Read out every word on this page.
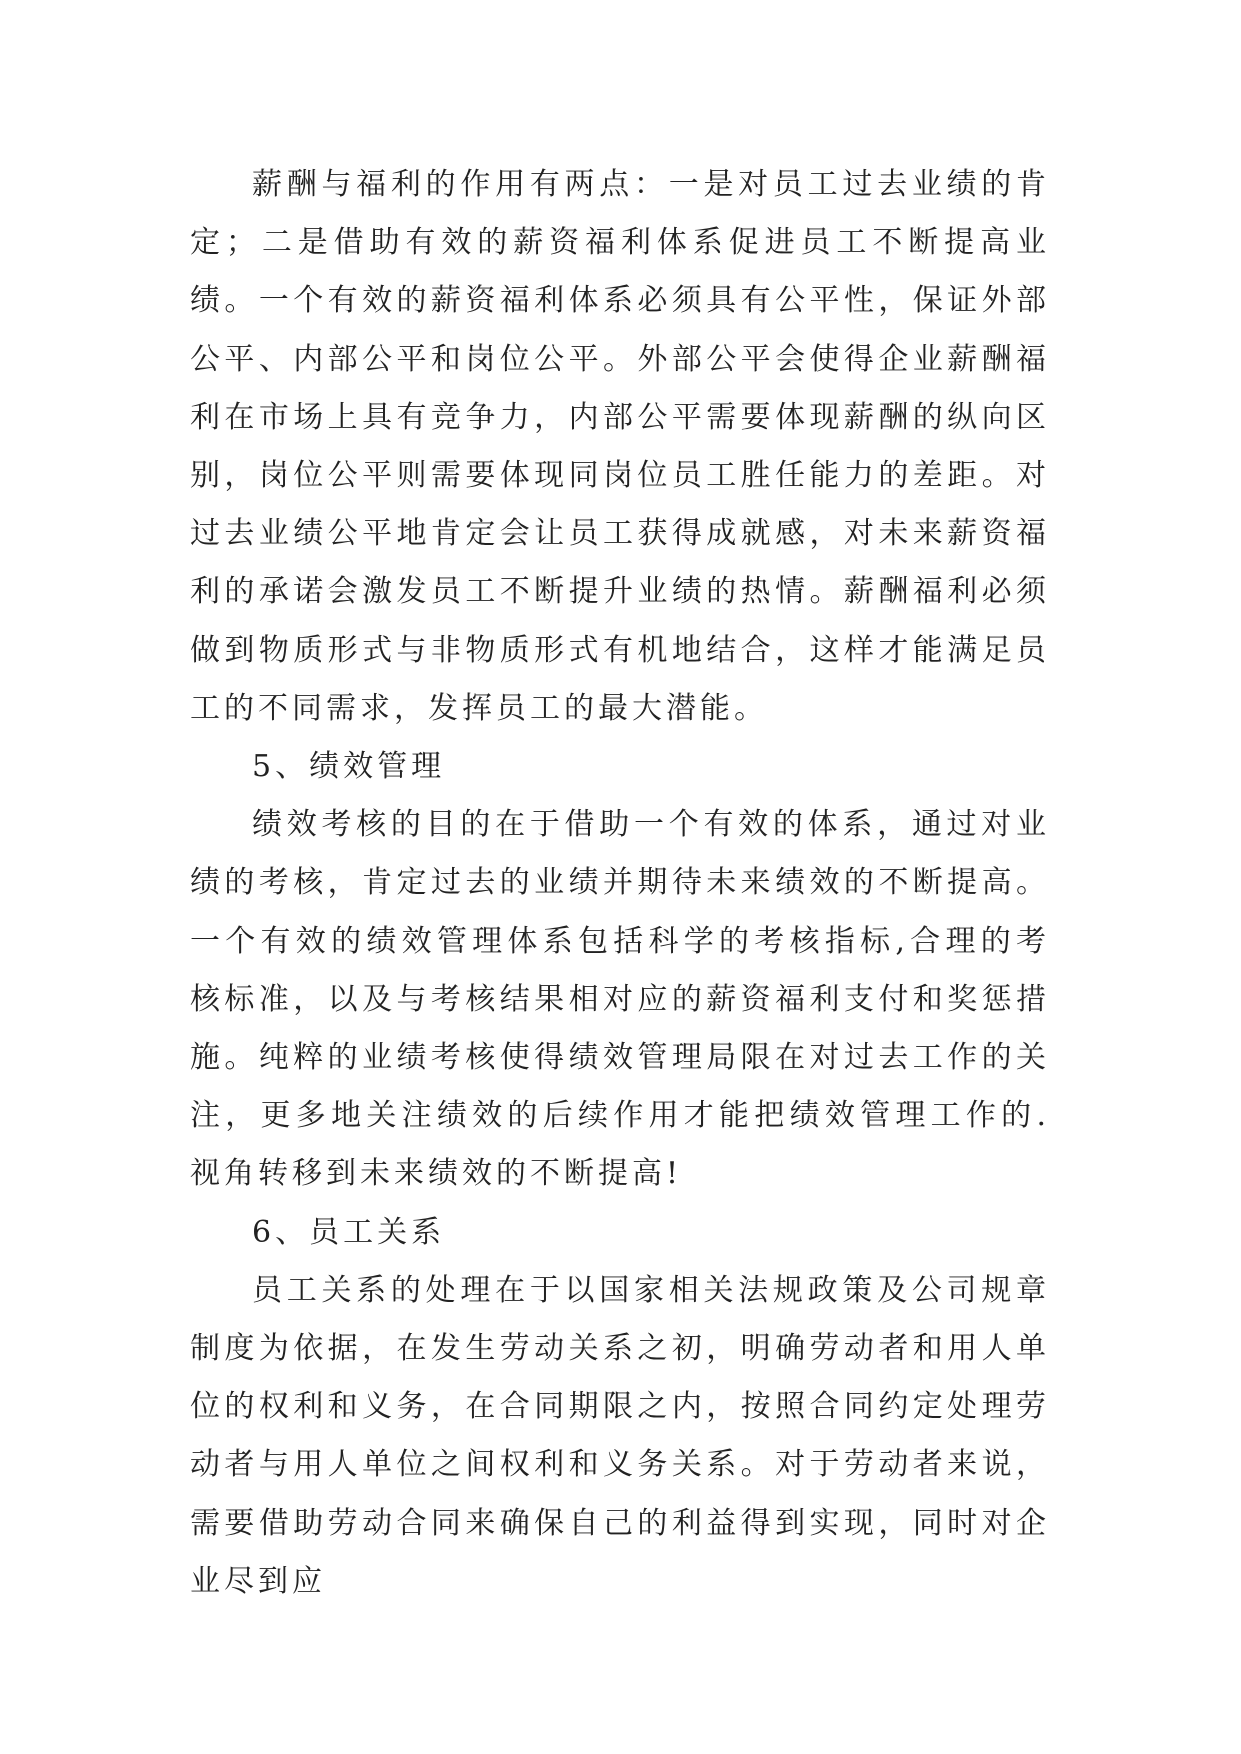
薪酬与福利的作用有两点：一是对员工过去业绩的肯定；二是借助有效的薪资福利体系促进员工不断提高业绩。一个有效的薪资福利体系必须具有公平性，保证外部公平、内部公平和岗位公平。外部公平会使得企业薪酬福利在市场上具有竞争力，内部公平需要体现薪酬的纵向区别，岗位公平则需要体现同岗位员工胜任能力的差距。对过去业绩公平地肯定会让员工获得成就感，对未来薪资福利的承诺会激发员工不断提升业绩的热情。薪酬福利必须做到物质形式与非物质形式有机地结合，这样才能满足员工的不同需求，发挥员工的最大潜能。

5、绩效管理

绩效考核的目的在于借助一个有效的体系，通过对业绩的考核，肯定过去的业绩并期待未来绩效的不断提高。一个有效的绩效管理体系包括科学的考核指标,合理的考核标准，以及与考核结果相对应的薪资福利支付和奖惩措施。纯粹的业绩考核使得绩效管理局限在对过去工作的关注，更多地关注绩效的后续作用才能把绩效管理工作的.视角转移到未来绩效的不断提高!

6、员工关系

员工关系的处理在于以国家相关法规政策及公司规章制度为依据，在发生劳动关系之初，明确劳动者和用人单位的权利和义务，在合同期限之内，按照合同约定处理劳动者与用人单位之间权利和义务关系。对于劳动者来说，需要借助劳动合同来确保自己的利益得到实现，同时对企业尽到应
